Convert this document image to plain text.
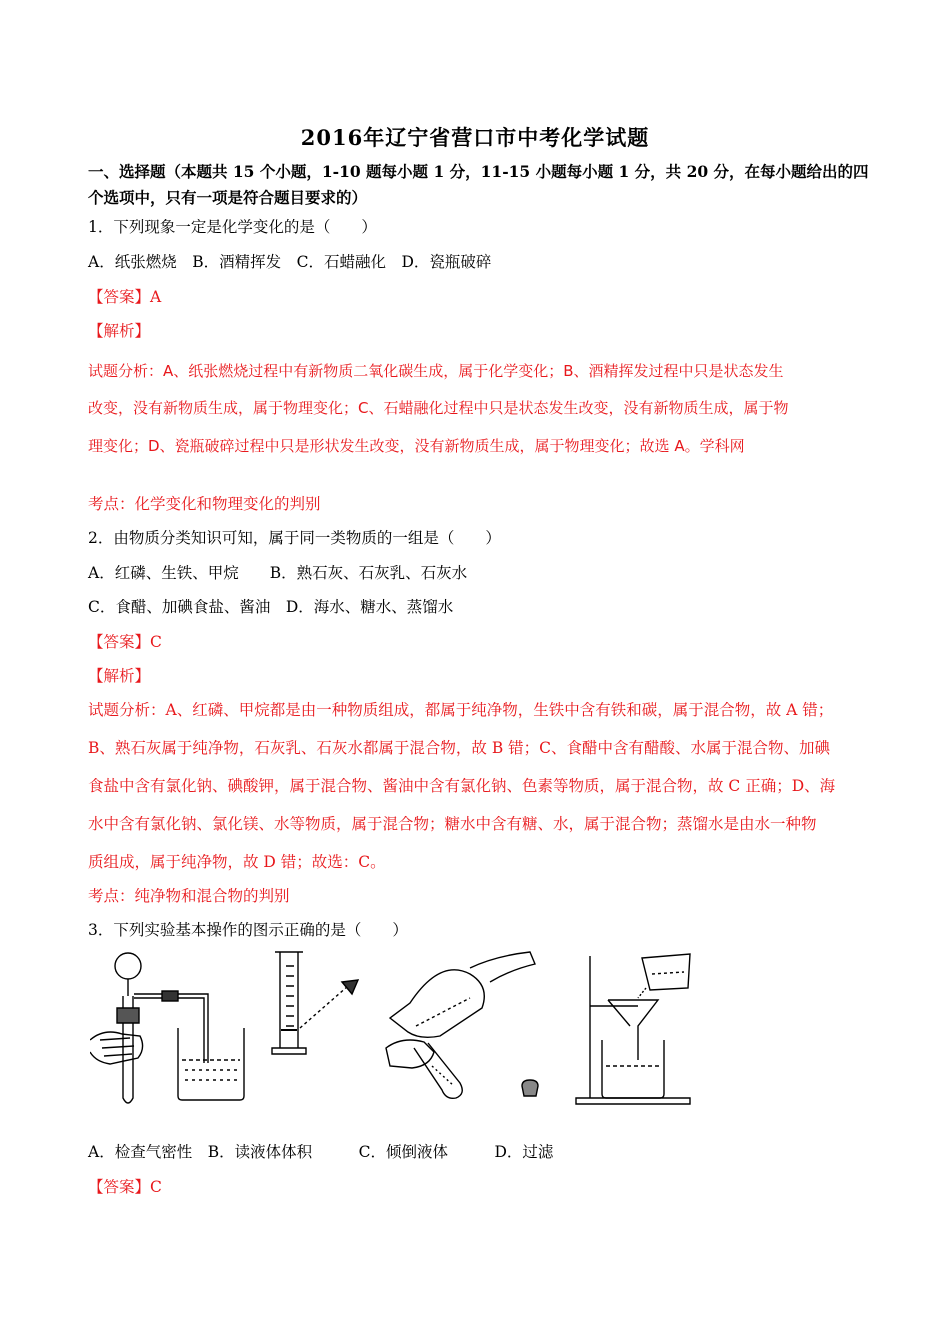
2016年辽宁省营口市中考化学试题
一、选择题（本题共 15 个小题，1-10 题每小题 1 分，11-15 小题每小题 1 分，共 20 分，在每小题给出的四
个选项中，只有一项是符合题目要求的）
1．下列现象一定是化学变化的是（　　）
A．纸张燃烧　B．酒精挥发　C．石蜡融化　D．瓷瓶破碎
【答案】A
【解析】
试题分析：A、纸张燃烧过程中有新物质二氧化碳生成，属于化学变化；B、酒精挥发过程中只是状态发生
改变，没有新物质生成，属于物理变化；C、石蜡融化过程中只是状态发生改变，没有新物质生成，属于物
理变化；D、瓷瓶破碎过程中只是形状发生改变，没有新物质生成，属于物理变化；故选 A。学科网
考点：化学变化和物理变化的判别
2．由物质分类知识可知，属于同一类物质的一组是（　　）
A．红磷、生铁、甲烷　　B．熟石灰、石灰乳、石灰水
C．食醋、加碘食盐、酱油　D．海水、糖水、蒸馏水
【答案】C
【解析】
试题分析：A、红磷、甲烷都是由一种物质组成，都属于纯净物，生铁中含有铁和碳，属于混合物，故 A 错；
B、熟石灰属于纯净物，石灰乳、石灰水都属于混合物，故 B 错；C、食醋中含有醋酸、水属于混合物、加碘
食盐中含有氯化钠、碘酸钾，属于混合物、酱油中含有氯化钠、色素等物质，属于混合物，故 C 正确；D、海
水中含有氯化钠、氯化镁、水等物质，属于混合物；糖水中含有糖、水，属于混合物；蒸馏水是由水一种物
质组成，属于纯净物，故 D 错；故选：C。
考点：纯净物和混合物的判别
3．下列实验基本操作的图示正确的是（　　）
A．检查气密性　B．读液体体积　　　C．倾倒液体　　　D．过滤
【答案】C
